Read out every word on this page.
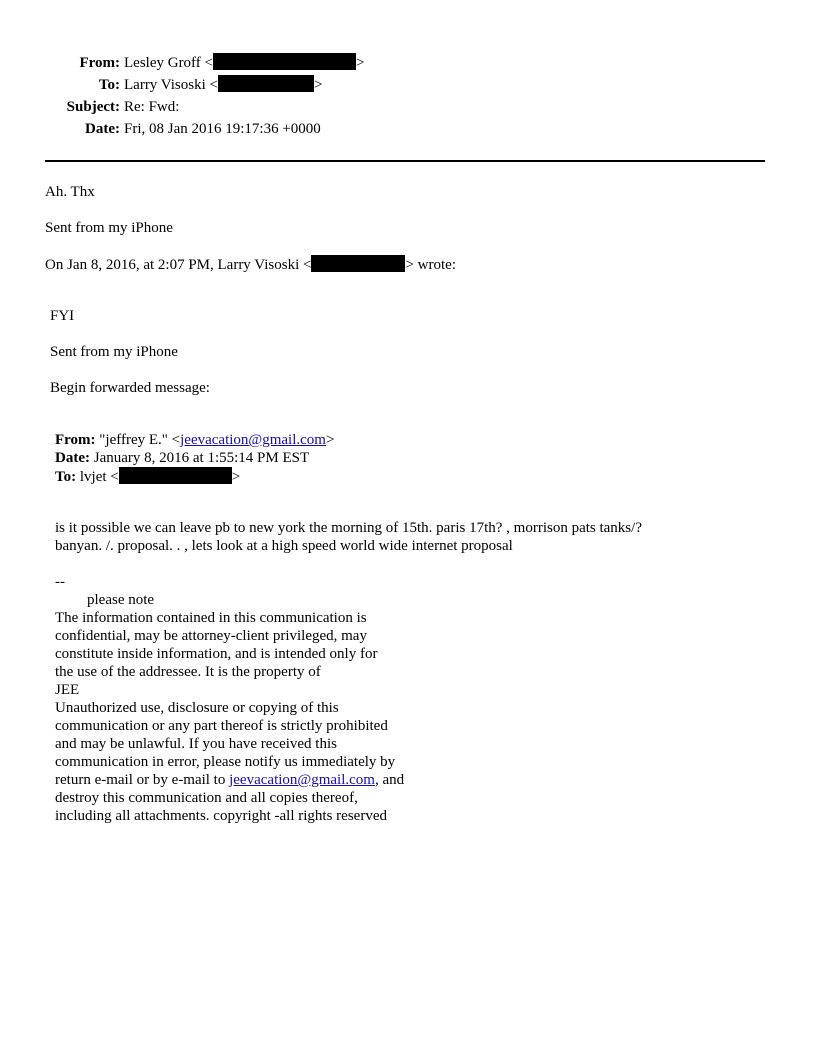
From: Lesley Groff <	>
To: Larry Visoski <	>
Subject: Re: Fwd:
Date: Fri, 08 Jan 2016 19:17:36 +0000
Ah. Thx
Sent from my iPhone
On Jan 8, 2016, at 2:07 PM, Larry Visoski <	> wrote:
FYI
Sent from my iPhone
Begin forwarded message:
From: "jeffrey E." <jeevacation@gmail.com>
Date: January 8, 2016 at 1:55:14 PM EST
To: lvjet <	>
is it possible we can leave pb to new york the morning of 15th. paris 17th? , morrison pats tanks/?
banyan. /. proposal. . , lets look at a high speed world wide internet proposal
--
please note
The information contained in this communication is
confidential, may be attorney-client privileged, may
constitute inside information, and is intended only for
the use of the addressee. It is the property of
JEE
Unauthorized use, disclosure or copying of this
communication or any part thereof is strictly prohibited
and may be unlawful. If you have received this
communication in error, please notify us immediately by
return e-mail or by e-mail to jeevacation@gmail.com, and
destroy this communication and all copies thereof,
including all attachments. copyright -all rights reserved
